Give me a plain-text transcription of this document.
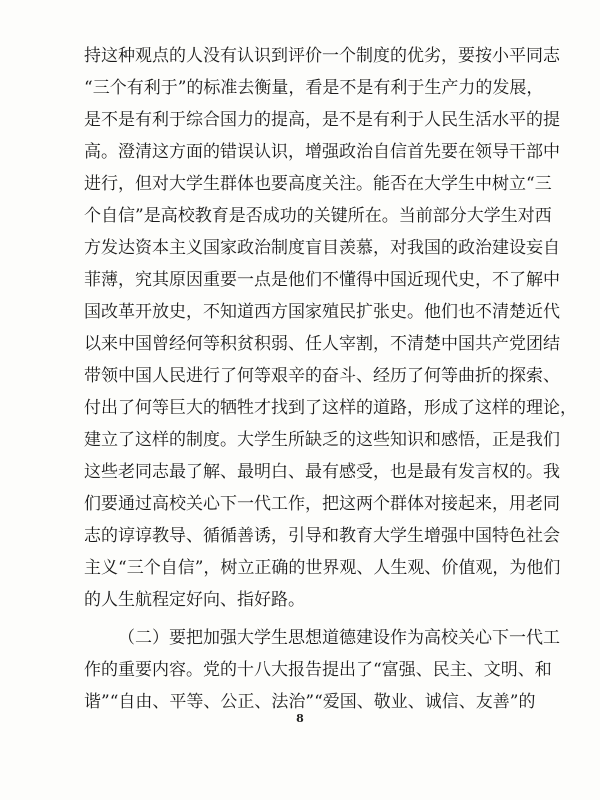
持这种观点的人没有认识到评价一个制度的优劣，要按小平同志
“三个有利于”的标准去衡量，看是不是有利于生产力的发展，
是不是有利于综合国力的提高，是不是有利于人民生活水平的提
高。澄清这方面的错误认识，增强政治自信首先要在领导干部中
进行，但对大学生群体也要高度关注。能否在大学生中树立“三
个自信”是高校教育是否成功的关键所在。当前部分大学生对西
方发达资本主义国家政治制度盲目羡慕，对我国的政治建设妄自
菲薄，究其原因重要一点是他们不懂得中国近现代史，不了解中
国改革开放史，不知道西方国家殖民扩张史。他们也不清楚近代
以来中国曾经何等积贫积弱、任人宰割，不清楚中国共产党团结
带领中国人民进行了何等艰辛的奋斗、经历了何等曲折的探索、
付出了何等巨大的牺牲才找到了这样的道路，形成了这样的理论，
建立了这样的制度。大学生所缺乏的这些知识和感悟，正是我们
这些老同志最了解、最明白、最有感受，也是最有发言权的。我
们要通过高校关心下一代工作，把这两个群体对接起来，用老同
志的谆谆教导、循循善诱，引导和教育大学生增强中国特色社会
主义“三个自信”，树立正确的世界观、人生观、价值观，为他们
的人生航程定好向、指好路。
（二）要把加强大学生思想道德建设作为高校关心下一代工
作的重要内容。党的十八大报告提出了“富强、民主、文明、和
谐”“自由、平等、公正、法治”“爱国、敬业、诚信、友善”的
8
